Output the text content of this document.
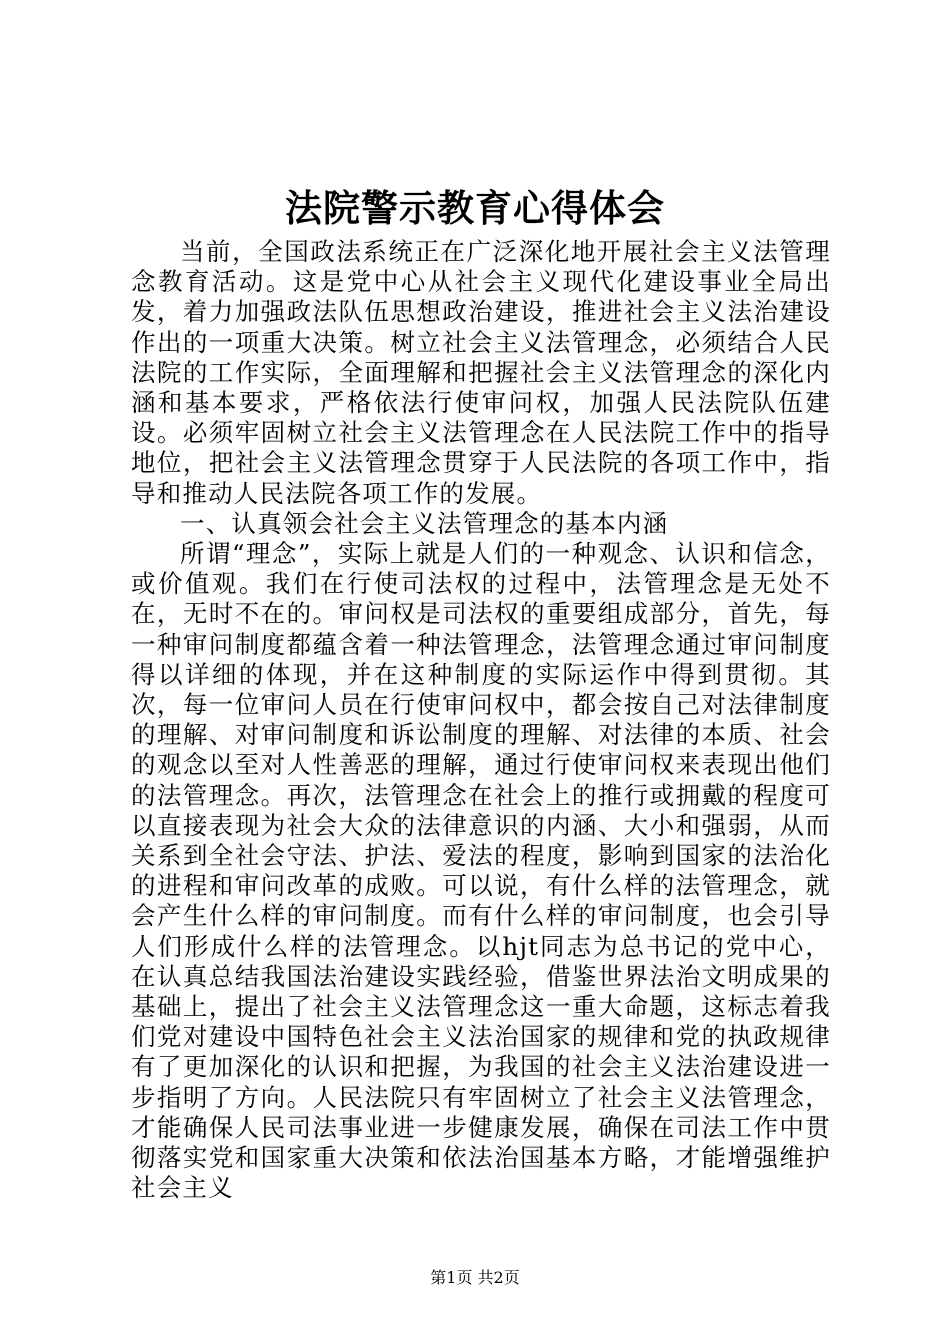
法院警示教育心得体会

当前，全国政法系统正在广泛深化地开展社会主义法管理念教育活动。这是党中心从社会主义现代化建设事业全局出发，着力加强政法队伍思想政治建设，推进社会主义法治建设作出的一项重大决策。树立社会主义法管理念，必须结合人民法院的工作实际，全面理解和把握社会主义法管理念的深化内涵和基本要求，严格依法行使审问权，加强人民法院队伍建设。必须牢固树立社会主义法管理念在人民法院工作中的指导地位，把社会主义法管理念贯穿于人民法院的各项工作中，指导和推动人民法院各项工作的发展。

一、认真领会社会主义法管理念的基本内涵

所谓“理念”，实际上就是人们的一种观念、认识和信念，或价值观。我们在行使司法权的过程中，法管理念是无处不在，无时不在的。审问权是司法权的重要组成部分，首先，每一种审问制度都蕴含着一种法管理念，法管理念通过审问制度得以详细的体现，并在这种制度的实际运作中得到贯彻。其次，每一位审问人员在行使审问权中，都会按自己对法律制度的理解、对审问制度和诉讼制度的理解、对法律的本质、社会的观念以至对人性善恶的理解，通过行使审问权来表现出他们的法管理念。再次，法管理念在社会上的推行或拥戴的程度可以直接表现为社会大众的法律意识的内涵、大小和强弱，从而关系到全社会守法、护法、爱法的程度，影响到国家的法治化的进程和审问改革的成败。可以说，有什么样的法管理念，就会产生什么样的审问制度。而有什么样的审问制度，也会引导人们形成什么样的法管理念。以hjt同志为总书记的党中心，在认真总结我国法治建设实践经验，借鉴世界法治文明成果的基础上，提出了社会主义法管理念这一重大命题，这标志着我们党对建设中国特色社会主义法治国家的规律和党的执政规律有了更加深化的认识和把握，为我国的社会主义法治建设进一步指明了方向。人民法院只有牢固树立了社会主义法管理念，才能确保人民司法事业进一步健康发展，确保在司法工作中贯彻落实党和国家重大决策和依法治国基本方略，才能增强维护社会主义

第1页 共2页
